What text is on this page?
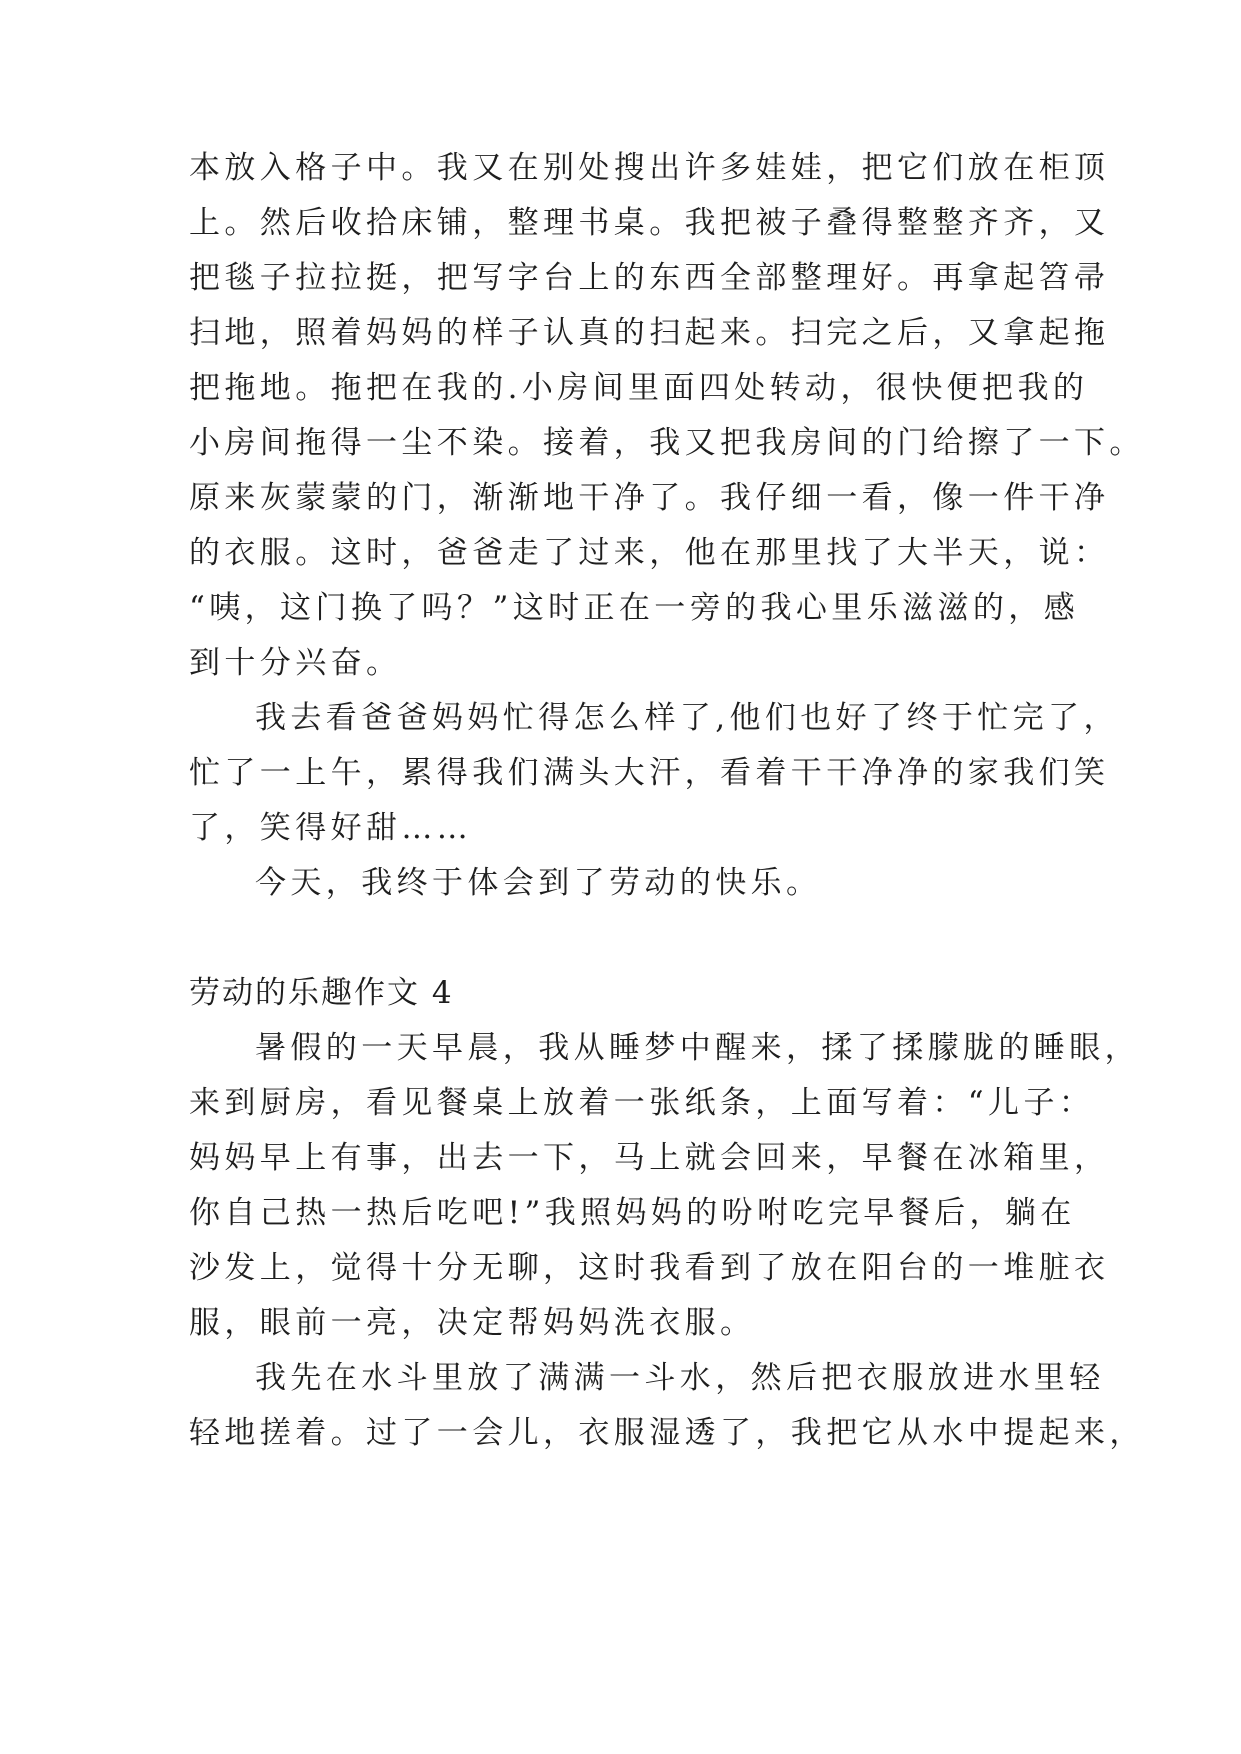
本放入格子中。我又在别处搜出许多娃娃，把它们放在柜顶

上。然后收拾床铺，整理书桌。我把被子叠得整整齐齐，又

把毯子拉拉挺，把写字台上的东西全部整理好。再拿起笤帚

扫地，照着妈妈的样子认真的扫起来。扫完之后，又拿起拖

把拖地。拖把在我的.小房间里面四处转动，很快便把我的

小房间拖得一尘不染。接着，我又把我房间的门给擦了一下。

原来灰蒙蒙的门，渐渐地干净了。我仔细一看，像一件干净

的衣服。这时，爸爸走了过来，他在那里找了大半天，说：

“咦，这门换了吗？”这时正在一旁的我心里乐滋滋的，感

到十分兴奋。

我去看爸爸妈妈忙得怎么样了,他们也好了终于忙完了，

忙了一上午，累得我们满头大汗，看着干干净净的家我们笑

了，笑得好甜……

今天，我终于体会到了劳动的快乐。

劳动的乐趣作文 4

暑假的一天早晨，我从睡梦中醒来，揉了揉朦胧的睡眼，

来到厨房，看见餐桌上放着一张纸条，上面写着：“儿子：

妈妈早上有事，出去一下，马上就会回来，早餐在冰箱里，

你自己热一热后吃吧!”我照妈妈的吩咐吃完早餐后，躺在

沙发上，觉得十分无聊，这时我看到了放在阳台的一堆脏衣

服，眼前一亮，决定帮妈妈洗衣服。

我先在水斗里放了满满一斗水，然后把衣服放进水里轻

轻地搓着。过了一会儿，衣服湿透了，我把它从水中提起来，
